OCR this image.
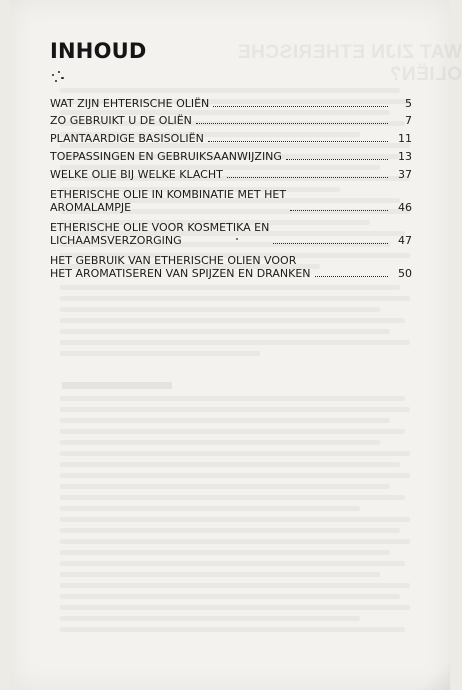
INHOUD
WAT ZIJN EHTERISCHE OLIËN	5
ZO GEBRUIKT U DE OLIËN	7
PLANTAARDIGE BASISOLIËN	11
TOEPASSINGEN EN GEBRUIKSAANWIJZING	13
WELKE OLIE BIJ WELKE KLACHT	37
ETHERISCHE OLIE IN KOMBINATIE MET HET
AROMALAMPJE	46
ETHERISCHE OLIE VOOR KOSMETIKA EN
LICHAAMSVERZORGING	47
HET GEBRUIK VAN ETHERISCHE OLIEN VOOR
HET AROMATISEREN VAN SPIJZEN EN DRANKEN	50
